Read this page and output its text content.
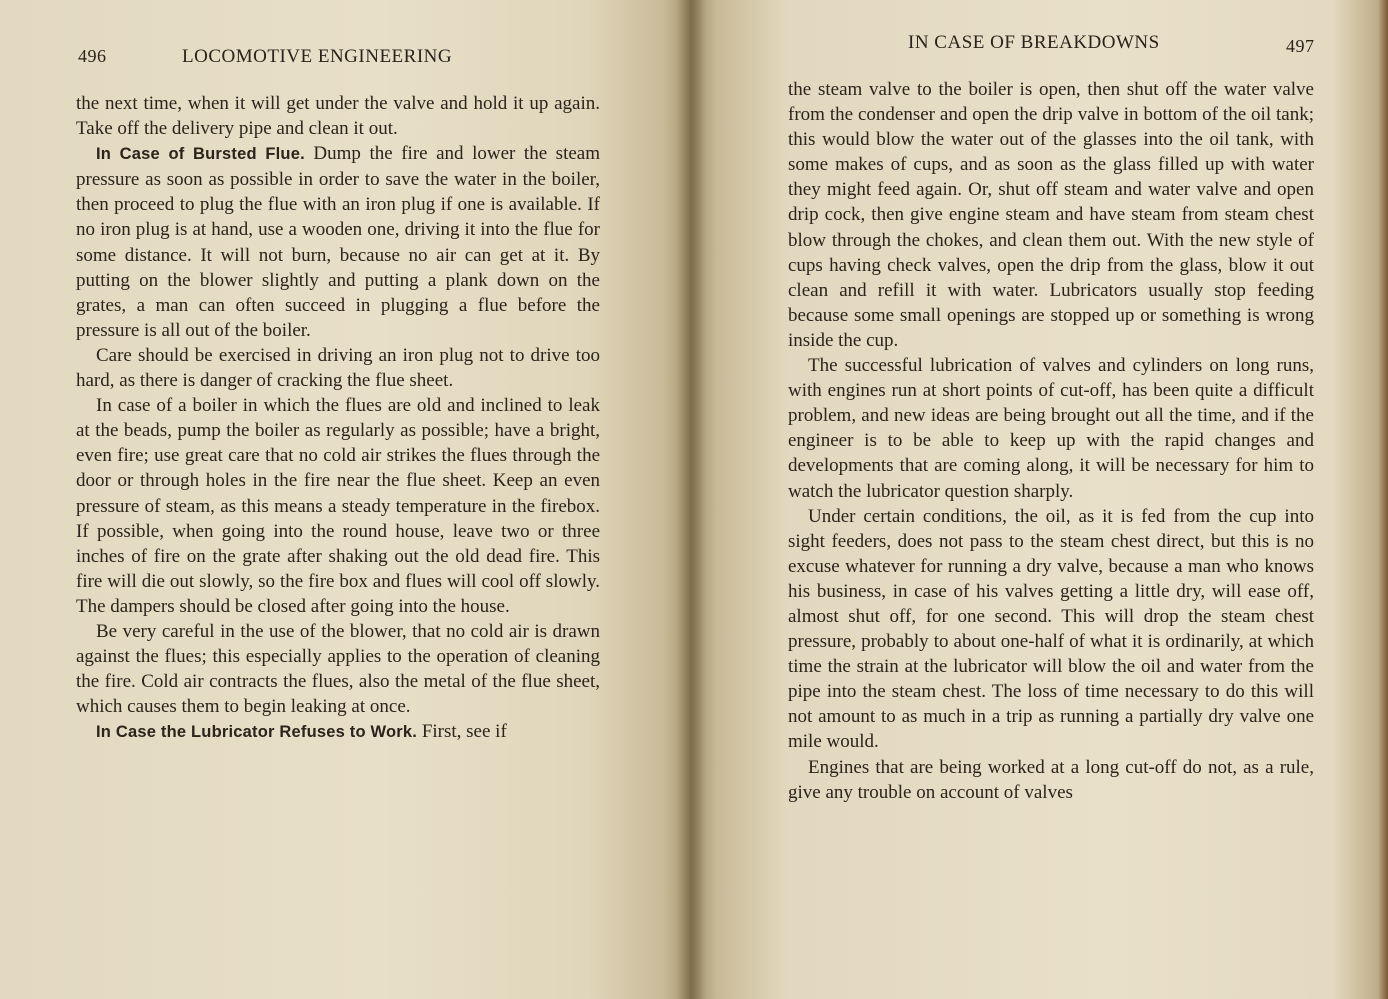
496	LOCOMOTIVE ENGINEERING

the next time, when it will get under the valve and hold it up again. Take off the delivery pipe and clean it out.

In Case of Bursted Flue. Dump the fire and lower the steam pressure as soon as possible in order to save the water in the boiler, then proceed to plug the flue with an iron plug if one is available. If no iron plug is at hand, use a wooden one, driving it into the flue for some distance. It will not burn, because no air can get at it. By putting on the blower slightly and putting a plank down on the grates, a man can often succeed in plugging a flue before the pressure is all out of the boiler.

Care should be exercised in driving an iron plug not to drive too hard, as there is danger of cracking the flue sheet.

In case of a boiler in which the flues are old and inclined to leak at the beads, pump the boiler as regularly as possible; have a bright, even fire; use great care that no cold air strikes the flues through the door or through holes in the fire near the flue sheet. Keep an even pressure of steam, as this means a steady temperature in the firebox. If possible, when going into the round house, leave two or three inches of fire on the grate after shaking out the old dead fire. This fire will die out slowly, so the fire box and flues will cool off slowly. The dampers should be closed after going into the house.

Be very careful in the use of the blower, that no cold air is drawn against the flues; this especially applies to the operation of cleaning the fire. Cold air contracts the flues, also the metal of the flue sheet, which causes them to begin leaking at once.

In Case the Lubricator Refuses to Work. First, see if

IN CASE OF BREAKDOWNS	497

the steam valve to the boiler is open, then shut off the water valve from the condenser and open the drip valve in bottom of the oil tank; this would blow the water out of the glasses into the oil tank, with some makes of cups, and as soon as the glass filled up with water they might feed again. Or, shut off steam and water valve and open drip cock, then give engine steam and have steam from steam chest blow through the chokes, and clean them out. With the new style of cups having check valves, open the drip from the glass, blow it out clean and refill it with water. Lubricators usually stop feeding because some small openings are stopped up or something is wrong inside the cup.

The successful lubrication of valves and cylinders on long runs, with engines run at short points of cut-off, has been quite a difficult problem, and new ideas are being brought out all the time, and if the engineer is to be able to keep up with the rapid changes and developments that are coming along, it will be necessary for him to watch the lubricator question sharply.

Under certain conditions, the oil, as it is fed from the cup into sight feeders, does not pass to the steam chest direct, but this is no excuse whatever for running a dry valve, because a man who knows his business, in case of his valves getting a little dry, will ease off, almost shut off, for one second. This will drop the steam chest pressure, probably to about one-half of what it is ordinarily, at which time the strain at the lubricator will blow the oil and water from the pipe into the steam chest. The loss of time necessary to do this will not amount to as much in a trip as running a partially dry valve one mile would.

Engines that are being worked at a long cut-off do not, as a rule, give any trouble on account of valves
